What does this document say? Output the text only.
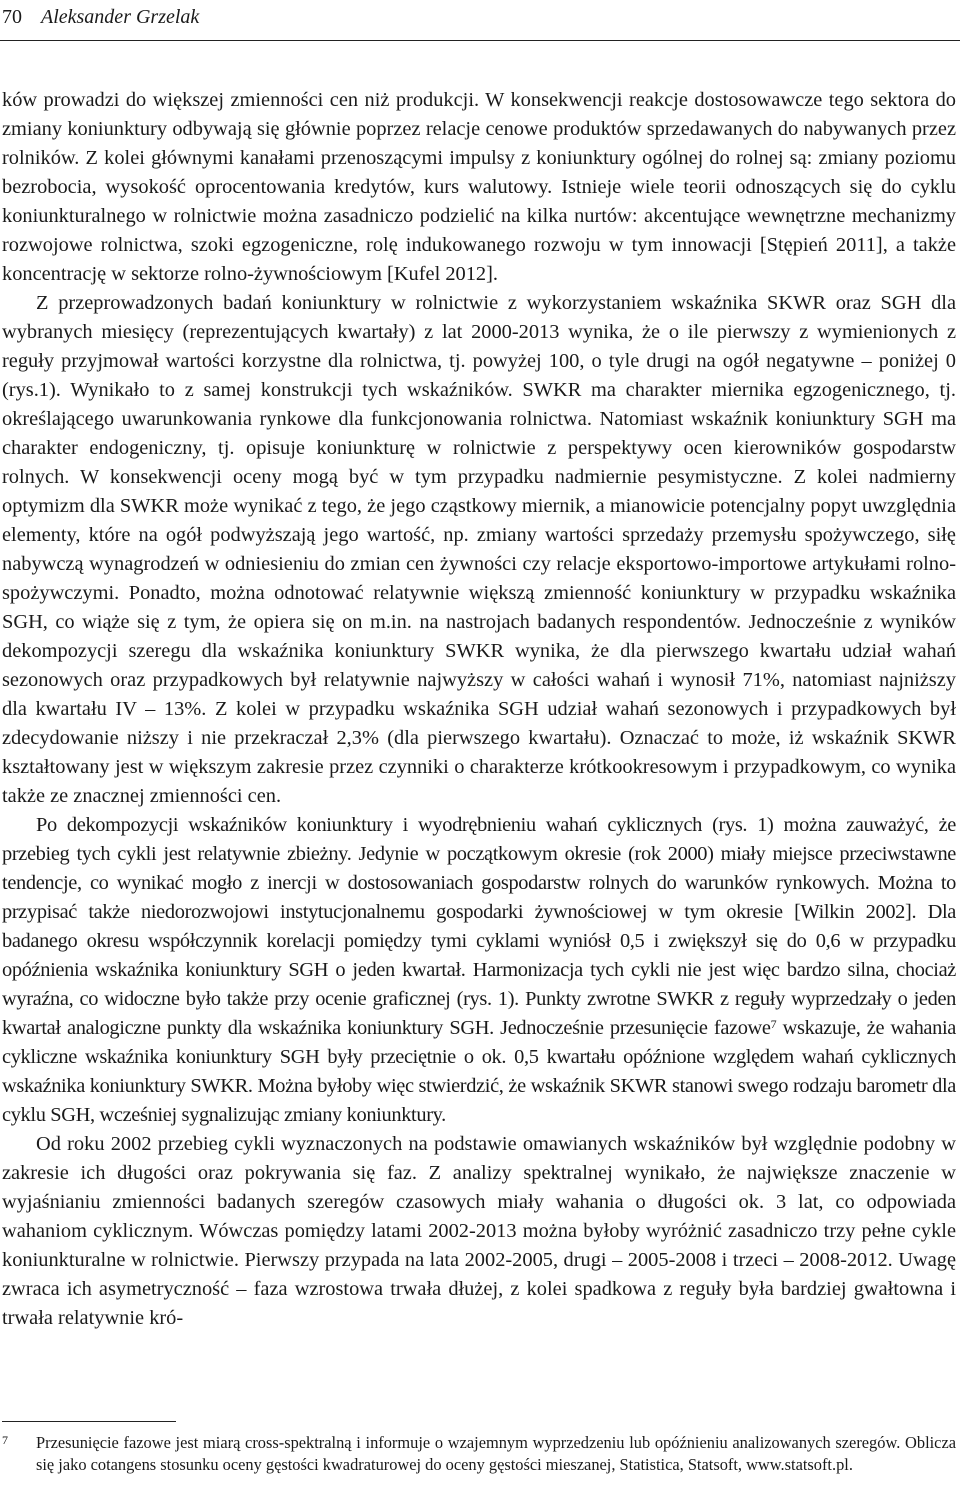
70 Aleksander Grzelak

ków prowadzi do większej zmienności cen niż produkcji. W konsekwencji reakcje dostosowawcze tego sektora do zmiany koniunktury odbywają się głównie poprzez relacje cenowe produktów sprzedawanych do nabywanych przez rolników. Z kolei głównymi kanałami przenoszącymi impulsy z koniunktury ogólnej do rolnej są: zmiany poziomu bezrobocia, wysokość oprocentowania kredytów, kurs walutowy. Istnieje wiele teorii odnoszących się do cyklu koniunkturalnego w rolnictwie można zasadniczo podzielić na kilka nurtów: akcentujące wewnętrzne mechanizmy rozwojowe rolnictwa, szoki egzogeniczne, rolę indukowanego rozwoju w tym innowacji [Stępień 2011], a także koncentrację w sektorze rolno-żywnościowym [Kufel 2012].

Z przeprowadzonych badań koniunktury w rolnictwie z wykorzystaniem wskaźnika SKWR oraz SGH dla wybranych miesięcy (reprezentujących kwartały) z lat 2000-2013 wynika, że o ile pierwszy z wymienionych z reguły przyjmował wartości korzystne dla rolnictwa, tj. powyżej 100, o tyle drugi na ogół negatywne – poniżej 0 (rys.1). Wynikało to z samej konstrukcji tych wskaźników. SWKR ma charakter miernika egzogenicznego, tj. określającego uwarunkowania rynkowe dla funkcjonowania rolnictwa. Natomiast wskaźnik koniunktury SGH ma charakter endogeniczny, tj. opisuje koniunkturę w rolnictwie z perspektywy ocen kierowników gospodarstw rolnych. W konsekwencji oceny mogą być w tym przypadku nadmiernie pesymistyczne. Z kolei nadmierny optymizm dla SWKR może wynikać z tego, że jego cząstkowy miernik, a mianowicie potencjalny popyt uwzględnia elementy, które na ogół podwyższają jego wartość, np. zmiany wartości sprzedaży przemysłu spożywczego, siłę nabywczą wynagrodzeń w odniesieniu do zmian cen żywności czy relacje eksportowo-importowe artykułami rolno-spożywczymi. Ponadto, można odnotować relatywnie większą zmienność koniunktury w przypadku wskaźnika SGH, co wiąże się z tym, że opiera się on m.in. na nastrojach badanych respondentów. Jednocześnie z wyników dekompozycji szeregu dla wskaźnika koniunktury SWKR wynika, że dla pierwszego kwartału udział wahań sezonowych oraz przypadkowych był relatywnie najwyższy w całości wahań i wynosił 71%, natomiast najniższy dla kwartału IV – 13%. Z kolei w przypadku wskaźnika SGH udział wahań sezonowych i przypadkowych był zdecydowanie niższy i nie przekraczał 2,3% (dla pierwszego kwartału). Oznaczać to może, iż wskaźnik SKWR kształtowany jest w większym zakresie przez czynniki o charakterze krótkookresowym i przypadkowym, co wynika także ze znacznej zmienności cen.

Po dekompozycji wskaźników koniunktury i wyodrębnieniu wahań cyklicznych (rys. 1) można zauważyć, że przebieg tych cykli jest relatywnie zbieżny. Jedynie w początkowym okresie (rok 2000) miały miejsce przeciwstawne tendencje, co wynikać mogło z inercji w dostosowaniach gospodarstw rolnych do warunków rynkowych. Można to przypisać także niedorozwojowi instytucjonalnemu gospodarki żywnościowej w tym okresie [Wilkin 2002]. Dla badanego okresu współczynnik korelacji pomiędzy tymi cyklami wyniósł 0,5 i zwiększył się do 0,6 w przypadku opóźnienia wskaźnika koniunktury SGH o jeden kwartał. Harmonizacja tych cykli nie jest więc bardzo silna, chociaż wyraźna, co widoczne było także przy ocenie graficznej (rys. 1). Punkty zwrotne SWKR z reguły wyprzedzały o jeden kwartał analogiczne punkty dla wskaźnika koniunktury SGH. Jednocześnie przesunięcie fazowe$^7$ wskazuje, że wahania cykliczne wskaźnika koniunktury SGH były przeciętnie o ok. 0,5 kwartału opóźnione względem wahań cyklicznych wskaźnika koniunktury SWKR. Można byłoby więc stwierdzić, że wskaźnik SKWR stanowi swego rodzaju barometr dla cyklu SGH, wcześniej sygnalizując zmiany koniunktury.

Od roku 2002 przebieg cykli wyznaczonych na podstawie omawianych wskaźników był względnie podobny w zakresie ich długości oraz pokrywania się faz. Z analizy spektralnej wynikało, że największe znaczenie w wyjaśnianiu zmienności badanych szeregów czasowych miały wahania o długości ok. 3 lat, co odpowiada wahaniom cyklicznym. Wówczas pomiędzy latami 2002-2013 można byłoby wyróżnić zasadniczo trzy pełne cykle koniunkturalne w rolnictwie. Pierwszy przypada na lata 2002-2005, drugi – 2005-2008 i trzeci – 2008-2012. Uwagę zwraca ich asymetryczność – faza wzrostowa trwała dłużej, z kolei spadkowa z reguły była bardziej gwałtowna i trwała relatywnie kró-

7 Przesunięcie fazowe jest miarą cross-spektralną i informuje o wzajemnym wyprzedzeniu lub opóźnieniu analizowanych szeregów. Oblicza się jako cotangens stosunku oceny gęstości kwadraturowej do oceny gęstości mieszanej, Statistica, Statsoft, www.statsoft.pl.
